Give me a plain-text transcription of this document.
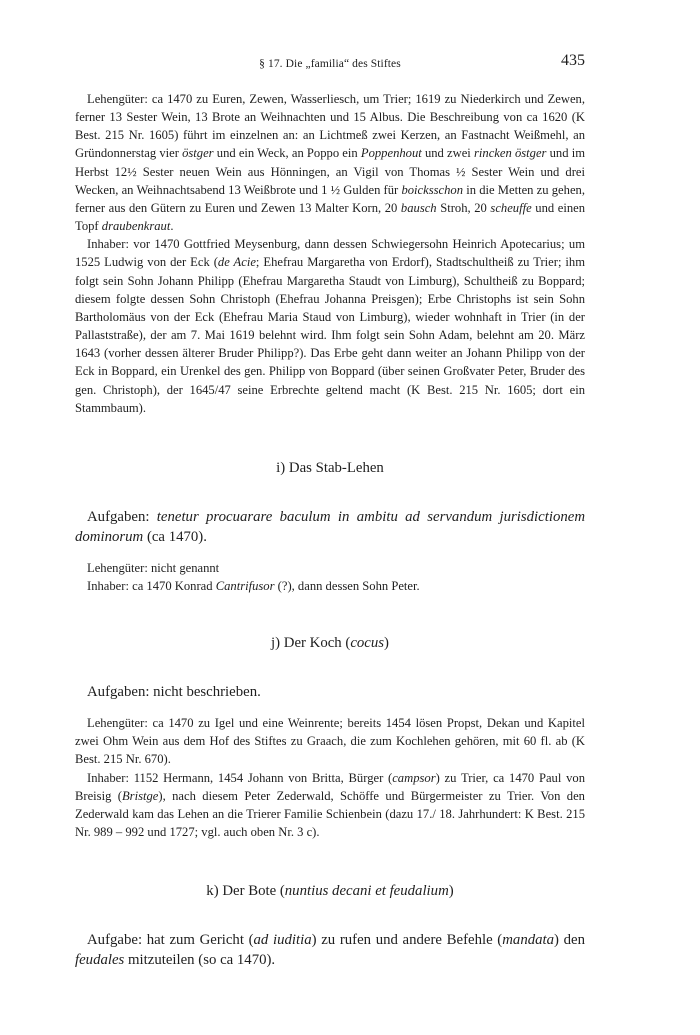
§ 17. Die „familia“ des Stiftes	435

Lehengüter: ca 1470 zu Euren, Zewen, Wasserliesch, um Trier; 1619 zu Niederkirch und Zewen, ferner 13 Sester Wein, 13 Brote an Weihnachten und 15 Albus. Die Beschreibung von ca 1620 (K Best. 215 Nr. 1605) führt im einzelnen an: an Lichtmeß zwei Kerzen, an Fastnacht Weißmehl, an Gründonnerstag vier östger und ein Weck, an Poppo ein Poppenhout und zwei rincken östger und im Herbst 12½ Sester neuen Wein aus Hönningen, an Vigil von Thomas ½ Sester Wein und drei Wecken, an Weihnachtsabend 13 Weißbrote und 1 ½ Gulden für boicksschon in die Metten zu gehen, ferner aus den Gütern zu Euren und Zewen 13 Malter Korn, 20 bausch Stroh, 20 scheuffe und einen Topf draubenkraut.

Inhaber: vor 1470 Gottfried Meysenburg, dann dessen Schwiegersohn Heinrich Apotecarius; um 1525 Ludwig von der Eck (de Acie; Ehefrau Margaretha von Erdorf), Stadtschultheiß zu Trier; ihm folgt sein Sohn Johann Philipp (Ehefrau Margaretha Staudt von Limburg), Schultheiß zu Boppard; diesem folgte dessen Sohn Christoph (Ehefrau Johanna Preisgen); Erbe Christophs ist sein Sohn Bartholomäus von der Eck (Ehefrau Maria Staud von Limburg), wieder wohnhaft in Trier (in der Pallaststraße), der am 7. Mai 1619 belehnt wird. Ihm folgt sein Sohn Adam, belehnt am 20. März 1643 (vorher dessen älterer Bruder Philipp?). Das Erbe geht dann weiter an Johann Philipp von der Eck in Boppard, ein Urenkel des gen. Philipp von Boppard (über seinen Großvater Peter, Bruder des gen. Christoph), der 1645/47 seine Erbrechte geltend macht (K Best. 215 Nr. 1605; dort ein Stammbaum).

i) Das Stab-Lehen

Aufgaben: tenetur procuarare baculum in ambitu ad servandum jurisdictionem dominorum (ca 1470).

Lehengüter: nicht genannt

Inhaber: ca 1470 Konrad Cantrifusor (?), dann dessen Sohn Peter.

j) Der Koch (cocus)

Aufgaben: nicht beschrieben.

Lehengüter: ca 1470 zu Igel und eine Weinrente; bereits 1454 lösen Propst, Dekan und Kapitel zwei Ohm Wein aus dem Hof des Stiftes zu Graach, die zum Kochlehen gehören, mit 60 fl. ab (K Best. 215 Nr. 670).

Inhaber: 1152 Hermann, 1454 Johann von Britta, Bürger (campsor) zu Trier, ca 1470 Paul von Breisig (Bristge), nach diesem Peter Zederwald, Schöffe und Bürgermeister zu Trier. Von den Zederwald kam das Lehen an die Trierer Familie Schienbein (dazu 17./ 18. Jahrhundert: K Best. 215 Nr. 989 – 992 und 1727; vgl. auch oben Nr. 3 c).

k) Der Bote (nuntius decani et feudalium)

Aufgabe: hat zum Gericht (ad iuditia) zu rufen und andere Befehle (mandata) den feudales mitzuteilen (so ca 1470).
